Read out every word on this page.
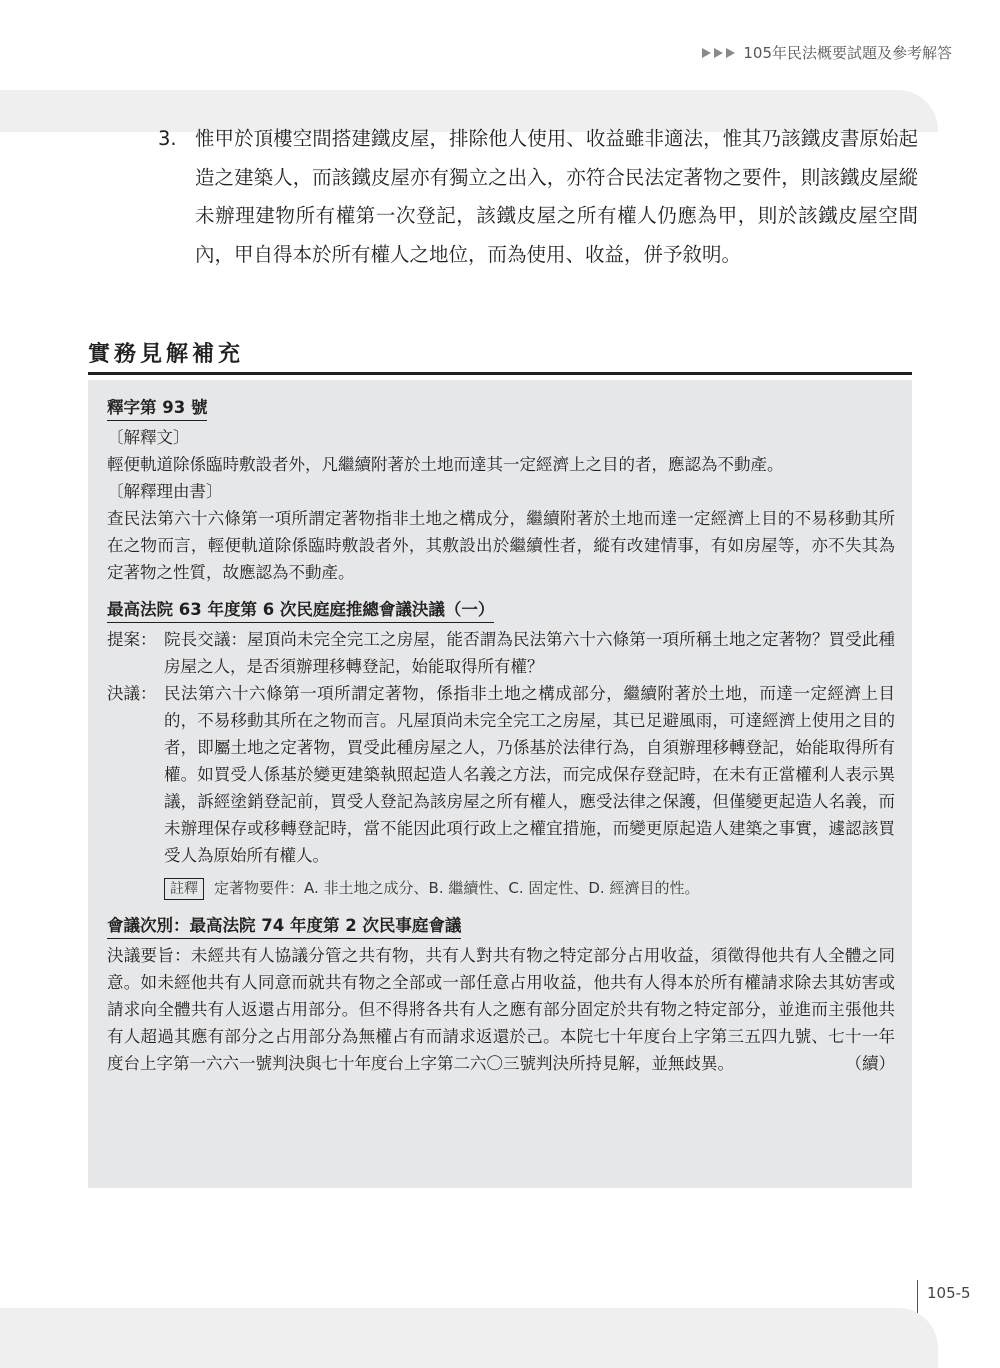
105年民法概要試題及參考解答
3. 惟甲於頂樓空間搭建鐵皮屋，排除他人使用、收益雖非適法，惟其乃該鐵皮書原始起造之建築人，而該鐵皮屋亦有獨立之出入，亦符合民法定著物之要件，則該鐵皮屋縱未辦理建物所有權第一次登記，該鐵皮屋之所有權人仍應為甲，則於該鐵皮屋空間內，甲自得本於所有權人之地位，而為使用、收益，併予敘明。
實務見解補充
釋字第 93 號
〔解釋文〕
輕便軌道除係臨時敷設者外，凡繼續附著於土地而達其一定經濟上之目的者，應認為不動產。
〔解釋理由書〕
查民法第六十六條第一項所謂定著物指非土地之構成分，繼續附著於土地而達一定經濟上目的不易移動其所在之物而言，輕便軌道除係臨時敷設者外，其敷設出於繼續性者，縱有改建情事，有如房屋等，亦不失其為定著物之性質，故應認為不動產。
最高法院 63 年度第 6 次民庭庭推總會議決議（一）
提案： 院長交議：屋頂尚未完全完工之房屋，能否謂為民法第六十六條第一項所稱土地之定著物？買受此種房屋之人，是否須辦理移轉登記，始能取得所有權？
決議： 民法第六十六條第一項所謂定著物，係指非土地之構成部分，繼續附著於土地，而達一定經濟上目的，不易移動其所在之物而言。凡屋頂尚未完全完工之房屋，其已足避風雨，可達經濟上使用之目的者，即屬土地之定著物，買受此種房屋之人，乃係基於法律行為，自須辦理移轉登記，始能取得所有權。如買受人係基於變更建築執照起造人名義之方法，而完成保存登記時，在未有正當權利人表示異議，訴經塗銷登記前，買受人登記為該房屋之所有權人，應受法律之保護，但僅變更起造人名義，而未辦理保存或移轉登記時，當不能因此項行政上之權宜措施，而變更原起造人建築之事實，遽認該買受人為原始所有權人。
註釋	定著物要件：A. 非土地之成分、B. 繼續性、C. 固定性、D. 經濟目的性。
會議次別：最高法院 74 年度第 2 次民事庭會議
決議要旨：未經共有人協議分管之共有物，共有人對共有物之特定部分占用收益，須徵得他共有人全體之同意。如未經他共有人同意而就共有物之全部或一部任意占用收益，他共有人得本於所有權請求除去其妨害或請求向全體共有人返還占用部分。但不得將各共有人之應有部分固定於共有物之特定部分，並進而主張他共有人超過其應有部分之占用部分為無權占有而請求返還於己。本院七十年度台上字第三五四九號、七十一年度台上字第一六六一號判決與七十年度台上字第二六〇三號判決所持見解，並無歧異。	（續）
105-5
